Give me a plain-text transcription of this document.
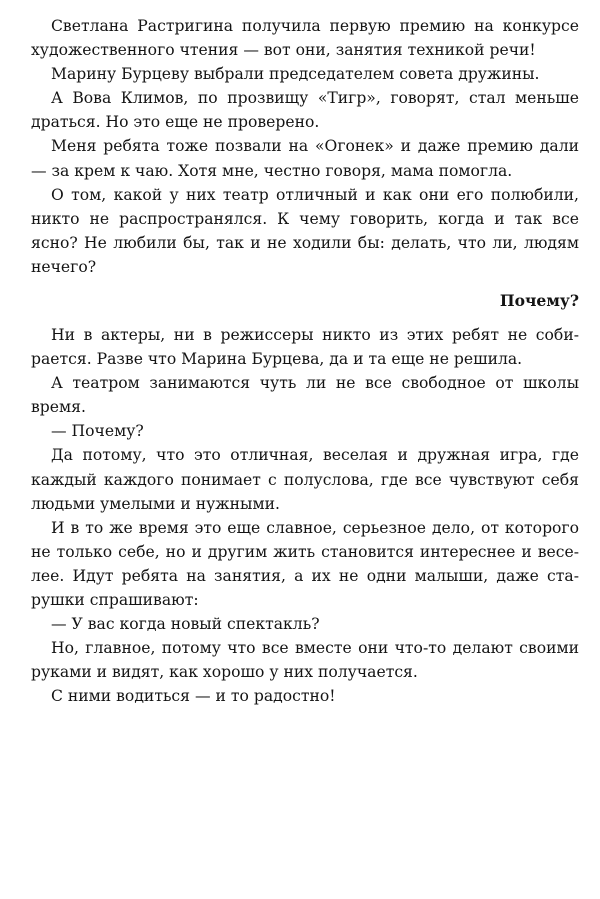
Светлана Растригина получила первую премию на конкурсе художественного чтения — вот они, занятия техникой речи!

Марину Бурцеву выбрали председателем совета дружины.

А Вова Климов, по прозвищу «Тигр», говорят, стал меньше драться. Но это еще не проверено.

Меня ребята тоже позвали на «Огонек» и даже премию дали — за крем к чаю. Хотя мне, честно говоря, мама помогла.

О том, какой у них театр отличный и как они его полюбили, никто не распространялся. К чему говорить, когда и так все ясно? Не любили бы, так и не ходили бы: делать, что ли, людям нечего?

Почему?

Ни в актеры, ни в режиссеры никто из этих ребят не собирается. Разве что Марина Бурцева, да и та еще не решила.

А театром занимаются чуть ли не все свободное от школы время.

— Почему?

Да потому, что это отличная, веселая и дружная игра, где каждый каждого понимает с полуслова, где все чувствуют себя людьми умелыми и нужными.

И в то же время это еще славное, серьезное дело, от которого не только себе, но и другим жить становится интереснее и веселее. Идут ребята на занятия, а их не одни малыши, даже старушки спрашивают:

— У вас когда новый спектакль?

Но, главное, потому что все вместе они что-то делают своими руками и видят, как хорошо у них получается.

С ними водиться — и то радостно!
